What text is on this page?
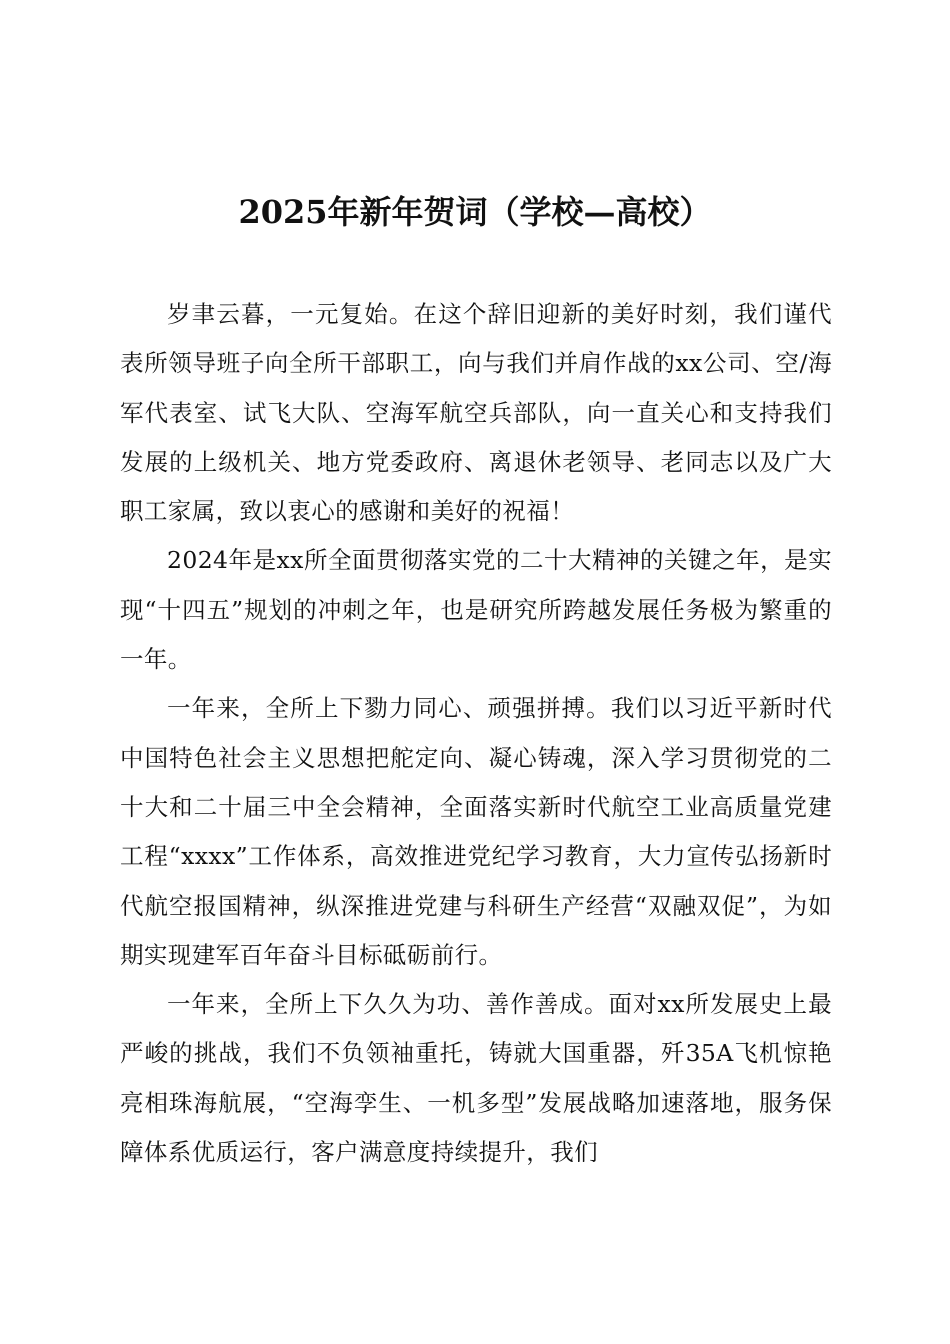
2025年新年贺词（学校—高校）

岁聿云暮，一元复始。在这个辞旧迎新的美好时刻，我们谨代表所领导班子向全所干部职工，向与我们并肩作战的xx公司、空/海军代表室、试飞大队、空海军航空兵部队，向一直关心和支持我们发展的上级机关、地方党委政府、离退休老领导、老同志以及广大职工家属，致以衷心的感谢和美好的祝福！

2024年是xx所全面贯彻落实党的二十大精神的关键之年，是实现“十四五”规划的冲刺之年，也是研究所跨越发展任务极为繁重的一年。

一年来，全所上下勠力同心、顽强拼搏。我们以习近平新时代中国特色社会主义思想把舵定向、凝心铸魂，深入学习贯彻党的二十大和二十届三中全会精神，全面落实新时代航空工业高质量党建工程“xxxx”工作体系，高效推进党纪学习教育，大力宣传弘扬新时代航空报国精神，纵深推进党建与科研生产经营“双融双促”，为如期实现建军百年奋斗目标砥砺前行。

一年来，全所上下久久为功、善作善成。面对xx所发展史上最严峻的挑战，我们不负领袖重托，铸就大国重器，歼35A飞机惊艳亮相珠海航展，“空海孪生、一机多型”发展战略加速落地，服务保障体系优质运行，客户满意度持续提升，我们
